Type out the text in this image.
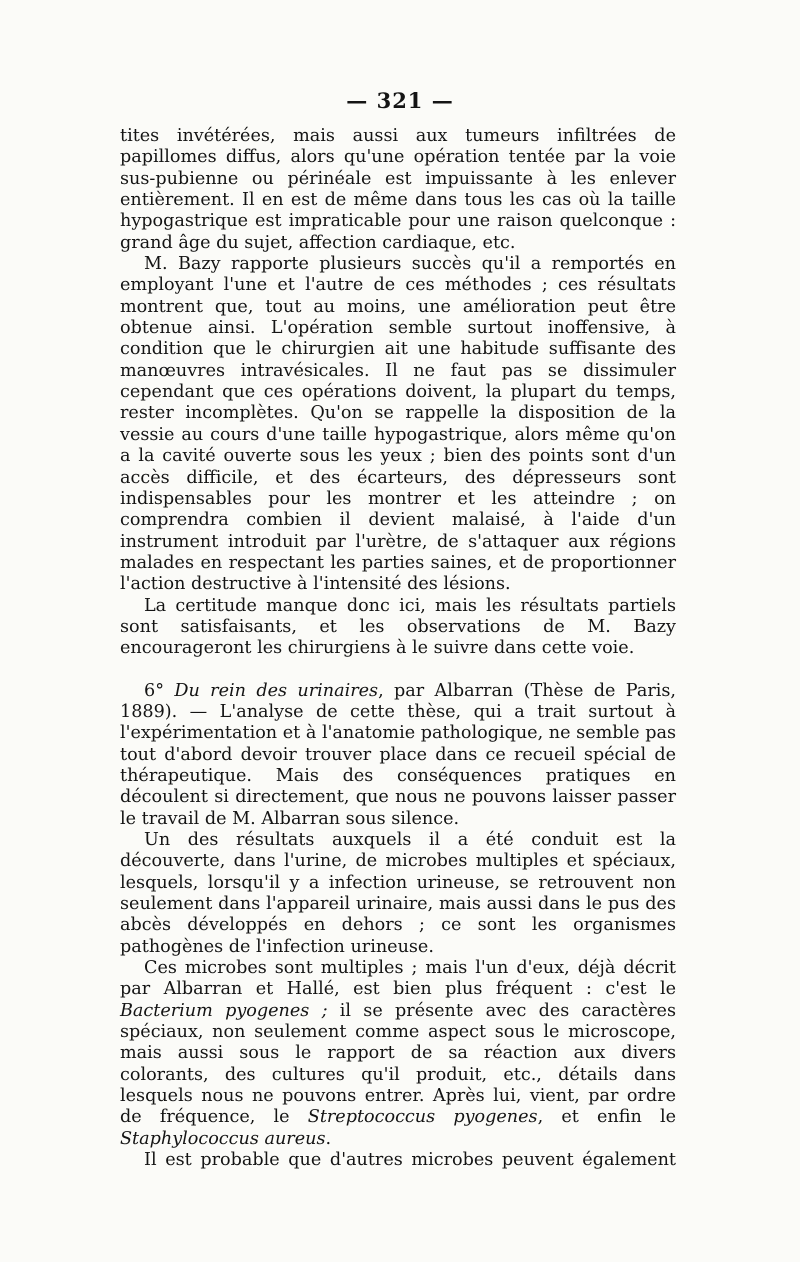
— 321 —

tites invétérées, mais aussi aux tumeurs infiltrées de papillomes diffus, alors qu'une opération tentée par la voie sus-pubienne ou périnéale est impuissante à les enlever entièrement. Il en est de même dans tous les cas où la taille hypogastrique est impraticable pour une raison quelconque : grand âge du sujet, affection cardiaque, etc.

M. Bazy rapporte plusieurs succès qu'il a remportés en employant l'une et l'autre de ces méthodes ; ces résultats montrent que, tout au moins, une amélioration peut être obtenue ainsi. L'opération semble surtout inoffensive, à condition que le chirurgien ait une habitude suffisante des manœuvres intravésicales. Il ne faut pas se dissimuler cependant que ces opérations doivent, la plupart du temps, rester incomplètes. Qu'on se rappelle la disposition de la vessie au cours d'une taille hypogastrique, alors même qu'on a la cavité ouverte sous les yeux ; bien des points sont d'un accès difficile, et des écarteurs, des dépresseurs sont indispensables pour les montrer et les atteindre ; on comprendra combien il devient malaisé, à l'aide d'un instrument introduit par l'urètre, de s'attaquer aux régions malades en respectant les parties saines, et de proportionner l'action destructive à l'intensité des lésions.

La certitude manque donc ici, mais les résultats partiels sont satisfaisants, et les observations de M. Bazy encourageront les chirurgiens à le suivre dans cette voie.

6° Du rein des urinaires, par Albarran (Thèse de Paris, 1889). — L'analyse de cette thèse, qui a trait surtout à l'expérimentation et à l'anatomie pathologique, ne semble pas tout d'abord devoir trouver place dans ce recueil spécial de thérapeutique. Mais des conséquences pratiques en découlent si directement, que nous ne pouvons laisser passer le travail de M. Albarran sous silence.

Un des résultats auxquels il a été conduit est la découverte, dans l'urine, de microbes multiples et spéciaux, lesquels, lorsqu'il y a infection urineuse, se retrouvent non seulement dans l'appareil urinaire, mais aussi dans le pus des abcès développés en dehors ; ce sont les organismes pathogènes de l'infection urineuse.

Ces microbes sont multiples ; mais l'un d'eux, déjà décrit par Albarran et Hallé, est bien plus fréquent : c'est le Bacterium pyogenes ; il se présente avec des caractères spéciaux, non seulement comme aspect sous le microscope, mais aussi sous le rapport de sa réaction aux divers colorants, des cultures qu'il produit, etc., détails dans lesquels nous ne pouvons entrer. Après lui, vient, par ordre de fréquence, le Streptococcus pyogenes, et enfin le Staphylococcus aureus.

Il est probable que d'autres microbes peuvent également
